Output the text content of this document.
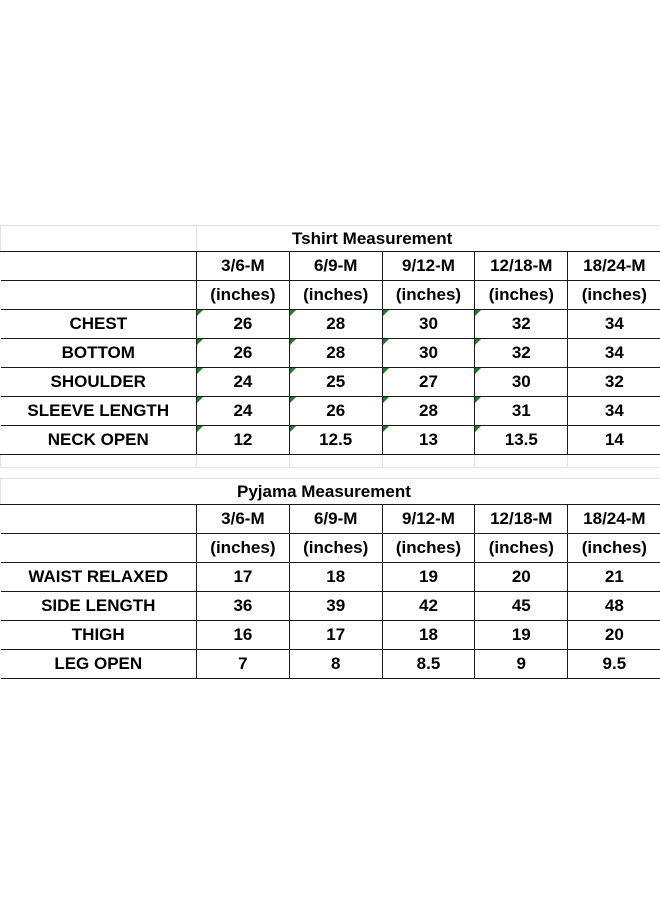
	Tshirt Measurement				
	3/6-M	6/9-M	9/12-M	12/18-M	18/24-M
	(inches)	(inches)	(inches)	(inches)	(inches)
CHEST	26	28	30	32	34
BOTTOM	26	28	30	32	34
SHOULDER	24	25	27	30	32
SLEEVE LENGTH	24	26	28	31	34
NECK OPEN	12	12.5	13	13.5	14

Pyjama Measurement					
	3/6-M	6/9-M	9/12-M	12/18-M	18/24-M
	(inches)	(inches)	(inches)	(inches)	(inches)
WAIST RELAXED	17	18	19	20	21
SIDE LENGTH	36	39	42	45	48
THIGH	16	17	18	19	20
LEG OPEN	7	8	8.5	9	9.5
